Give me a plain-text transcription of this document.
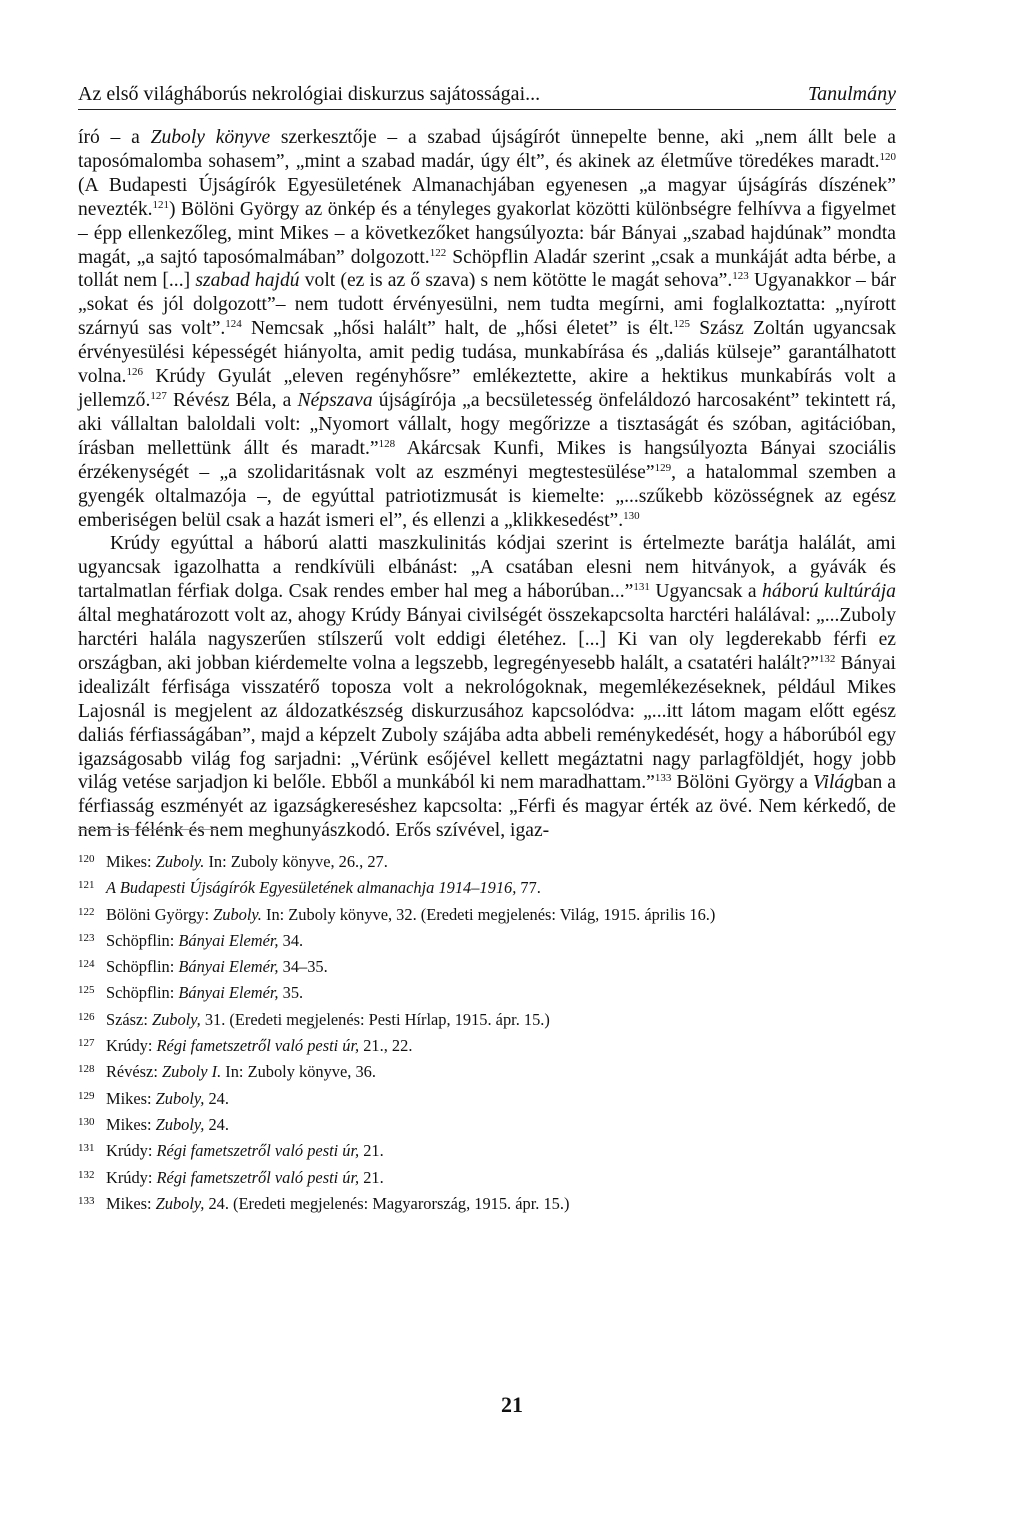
Az első világháborús nekrológiai diskurzus sajátosságai...	Tanulmány

író – a Zuboly könyve szerkesztője – a szabad újságírót ünnepelte benne, aki „nem állt bele a taposómalomba sohasem”, „mint a szabad madár, úgy élt”, és akinek az életműve töredékes maradt.$^{120}$ (A Budapesti Újságírók Egyesületének Almanachjában egyenesen „a magyar újságírás díszének” nevezték.$^{121}$) Bölöni György az önkép és a tényleges gyakorlat közötti különbségre felhívva a figyelmet – épp ellenkezőleg, mint Mikes – a következőket hangsúlyozta: bár Bányai „szabad hajdúnak” mondta magát, „a sajtó taposómalmában” dolgozott.$^{122}$ Schöpflin Aladár szerint „csak a munkáját adta bérbe, a tollát nem [...] szabad hajdú volt (ez is az ő szava) s nem kötötte le magát sehova”.$^{123}$ Ugyanakkor – bár „sokat és jól dolgozott”– nem tudott érvényesülni, nem tudta megírni, ami foglalkoztatta: „nyírott szárnyú sas volt”.$^{124}$ Nemcsak „hősi halált” halt, de „hősi életet” is élt.$^{125}$ Szász Zoltán ugyancsak érvényesülési képességét hiányolta, amit pedig tudása, munkabírása és „daliás külseje” garantálhatott volna.$^{126}$ Krúdy Gyulát „eleven regényhősre” emlékeztette, akire a hektikus munkabírás volt a jellemző.$^{127}$ Révész Béla, a Népszava újságírója „a becsületesség önfeláldozó harcosaként” tekintett rá, aki vállaltan baloldali volt: „Nyomort vállalt, hogy megőrizze a tisztaságát és szóban, agitációban, írásban mellettünk állt és maradt.”$^{128}$ Akárcsak Kunfi, Mikes is hangsúlyozta Bányai szociális érzékenységét – „a szolidaritásnak volt az eszményi megtestesülése”$^{129}$, a hatalommal szemben a gyengék oltalmazója –, de egyúttal patriotizmusát is kiemelte: „...szűkebb közösségnek az egész emberiségen belül csak a hazát ismeri el”, és ellenzi a „klikkesedést”.$^{130}$

Krúdy egyúttal a háború alatti maszkulinitás kódjai szerint is értelmezte barátja halálát, ami ugyancsak igazolhatta a rendkívüli elbánást: „A csatában elesni nem hitványok, a gyávák és tartalmatlan férfiak dolga. Csak rendes ember hal meg a háborúban...”$^{131}$ Ugyancsak a háború kultúrája által meghatározott volt az, ahogy Krúdy Bányai civilségét összekapcsolta harctéri halálával: „...Zuboly harctéri halála nagyszerűen stílszerű volt eddigi életéhez. [...] Ki van oly legderekabb férfi ez országban, aki jobban kiérdemelte volna a legszebb, legregényesebb halált, a csatatéri halált?”$^{132}$ Bányai idealizált férfisága visszatérő toposza volt a nekrológoknak, megemlékezéseknek, például Mikes Lajosnál is megjelent az áldozatkészség diskurzusához kapcsolódva: „...itt látom magam előtt egész daliás férfiasságában”, majd a képzelt Zuboly szájába adta abbeli reménykedését, hogy a háborúból egy igazságosabb világ fog sarjadni: „Vérünk esőjével kellett megáztatni nagy parlagföldjét, hogy jobb világ vetése sarjadjon ki belőle. Ebből a munkából ki nem maradhattam.”$^{133}$ Bölöni György a Világban a férfiasság eszményét az igazságkereséshez kapcsolta: „Férfi és magyar érték az övé. Nem kérkedő, de nem is félénk és nem meghunyászkodó. Erős szívével, igaz-

120 Mikes: Zuboly. In: Zuboly könyve, 26., 27.
121 A Budapesti Újságírók Egyesületének almanachja 1914–1916, 77.
122 Bölöni György: Zuboly. In: Zuboly könyve, 32. (Eredeti megjelenés: Világ, 1915. április 16.)
123 Schöpflin: Bányai Elemér, 34.
124 Schöpflin: Bányai Elemér, 34–35.
125 Schöpflin: Bányai Elemér, 35.
126 Szász: Zuboly, 31. (Eredeti megjelenés: Pesti Hírlap, 1915. ápr. 15.)
127 Krúdy: Régi fametszetről való pesti úr, 21., 22.
128 Révész: Zuboly I. In: Zuboly könyve, 36.
129 Mikes: Zuboly, 24.
130 Mikes: Zuboly, 24.
131 Krúdy: Régi fametszetről való pesti úr, 21.
132 Krúdy: Régi fametszetről való pesti úr, 21.
133 Mikes: Zuboly, 24. (Eredeti megjelenés: Magyarország, 1915. ápr. 15.)
21
